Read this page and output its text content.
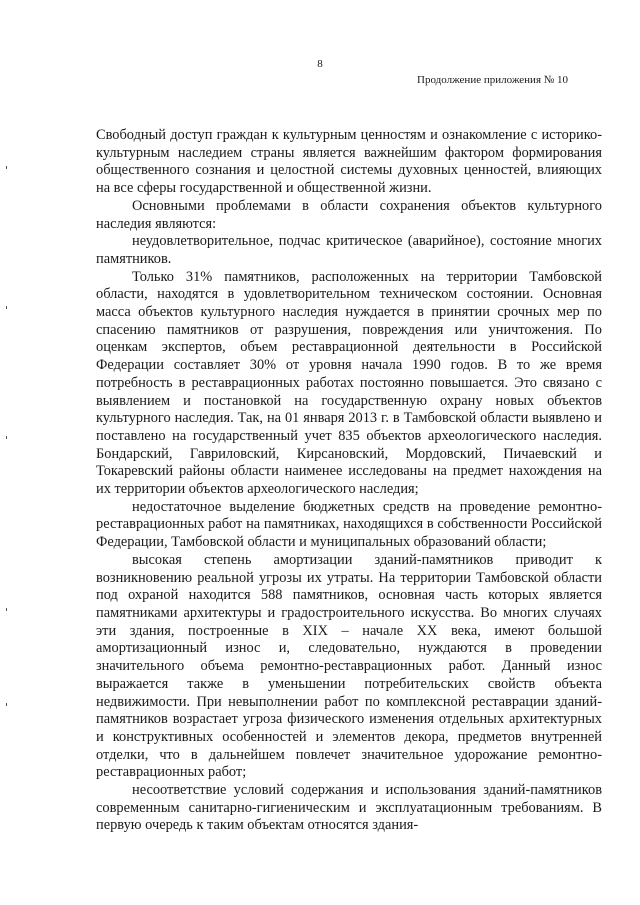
8
Продолжение приложения № 10

Свободный доступ граждан к культурным ценностям и ознакомление с историко-культурным наследием страны является важнейшим фактором формирования общественного сознания и целостной системы духовных ценностей, влияющих на все сферы государственной и общественной жизни.

Основными проблемами в области сохранения объектов культурного наследия являются:

неудовлетворительное, подчас критическое (аварийное), состояние многих памятников.

Только 31% памятников, расположенных на территории Тамбовской области, находятся в удовлетворительном техническом состоянии. Основная масса объектов культурного наследия нуждается в принятии срочных мер по спасению памятников от разрушения, повреждения или уничтожения. По оценкам экспертов, объем реставрационной деятельности в Российской Федерации составляет 30% от уровня начала 1990 годов. В то же время потребность в реставрационных работах постоянно повышается. Это связано с выявлением и постановкой на государственную охрану новых объектов культурного наследия. Так, на 01 января 2013 г. в Тамбовской области выявлено и поставлено на государственный учет 835 объектов археологического наследия. Бондарский, Гавриловский, Кирсановский, Мордовский, Пичаевский и Токаревский районы области наименее исследованы на предмет нахождения на их территории объектов археологического наследия;

недостаточное выделение бюджетных средств на проведение ремонтно-реставрационных работ на памятниках, находящихся в собственности Российской Федерации, Тамбовской области и муниципальных образований области;

высокая степень амортизации зданий-памятников приводит к возникновению реальной угрозы их утраты. На территории Тамбовской области под охраной находится 588 памятников, основная часть которых является памятниками архитектуры и градостроительного искусства. Во многих случаях эти здания, построенные в XIX – начале XX века, имеют большой амортизационный износ и, следовательно, нуждаются в проведении значительного объема ремонтно-реставрационных работ. Данный износ выражается также в уменьшении потребительских свойств объекта недвижимости. При невыполнении работ по комплексной реставрации зданий-памятников возрастает угроза физического изменения отдельных архитектурных и конструктивных особенностей и элементов декора, предметов внутренней отделки, что в дальнейшем повлечет значительное удорожание ремонтно-реставрационных работ;

несоответствие условий содержания и использования зданий-памятников современным санитарно-гигиеническим и эксплуатационным требованиям. В первую очередь к таким объектам относятся здания-
